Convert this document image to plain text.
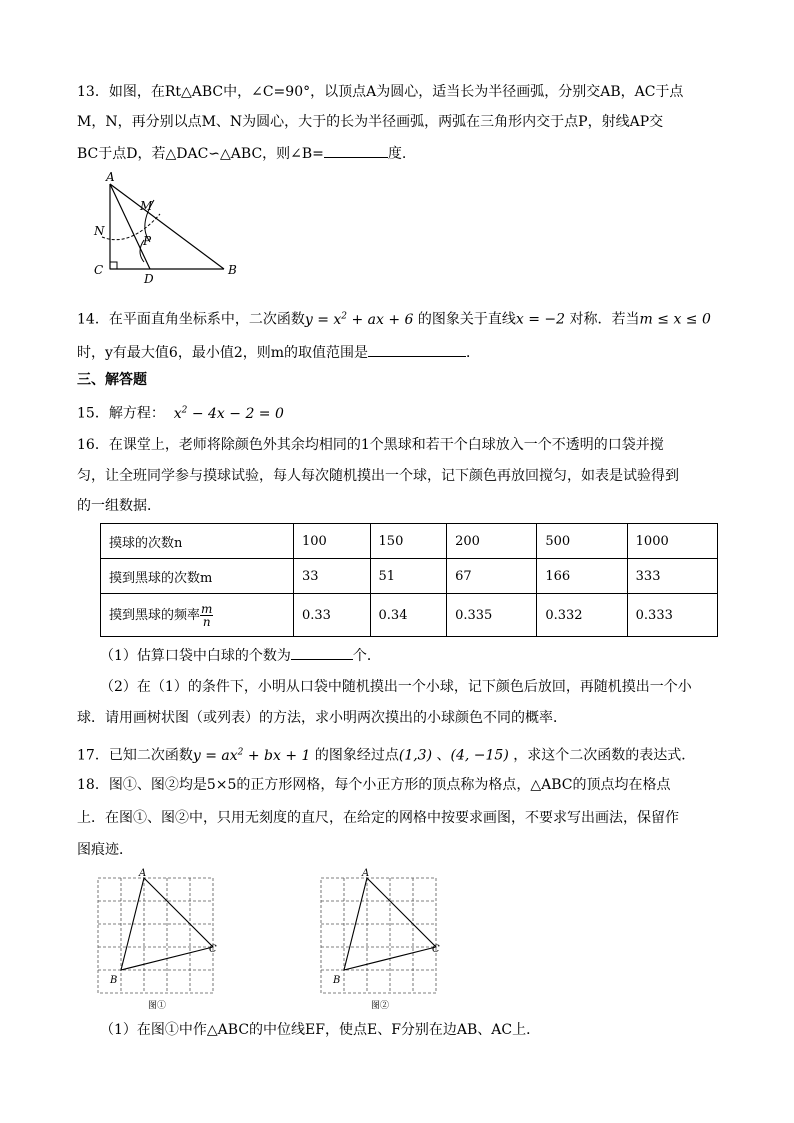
13．如图，在Rt△ABC中，∠C=90°，以顶点A为圆心，适当长为半径画弧，分别交AB，AC于点
M，N，再分别以点M、N为圆心，大于的长为半径画弧，两弧在三角形内交于点P，射线AP交
BC于点D，若△DAC∽△ABC，则∠B=	度.
A
B
C
D
M
N
P
14．在平面直角坐标系中，二次函数$y = x^2$ + ax + 6 的图象关于直线x = −2 对称．若当m ≤ x ≤ 0
时，y有最大值6，最小值2，则m的取值范围是	．
三、解答题
15．解方程： $x^2 - 4x - 2 = 0$
16．在课堂上，老师将除颜色外其余均相同的1个黑球和若干个白球放入一个不透明的口袋并搅
匀，让全班同学参与摸球试验，每人每次随机摸出一个球，记下颜色再放回搅匀，如表是试验得到
的一组数据．
摸球的次数n	100	150	200	500	1000
摸到黑球的次数m	33	51	67	166	333
摸到黑球的频率 $\frac{m}{n}$	0.33	0.34	0.335	0.332	0.333
（1）估算口袋中白球的个数为	个．
（2）在（1）的条件下，小明从口袋中随机摸出一个小球，记下颜色后放回，再随机摸出一个小
球．请用画树状图（或列表）的方法，求小明两次摸出的小球颜色不同的概率．
17．已知二次函数$y = ax^2$ + bx + 1 的图象经过点(1,3) 、(4, −15) ，求这个二次函数的表达式．
18．图①、图②均是5×5的正方形网格，每个小正方形的顶点称为格点，△ABC的顶点均在格点
上．在图①、图②中，只用无刻度的直尺，在给定的网格中按要求画图，不要求写出画法，保留作
图痕迹．
A
C
B
图①
A
C
B
图②
（1）在图①中作△ABC的中位线EF，使点E、F分别在边AB、AC上．
